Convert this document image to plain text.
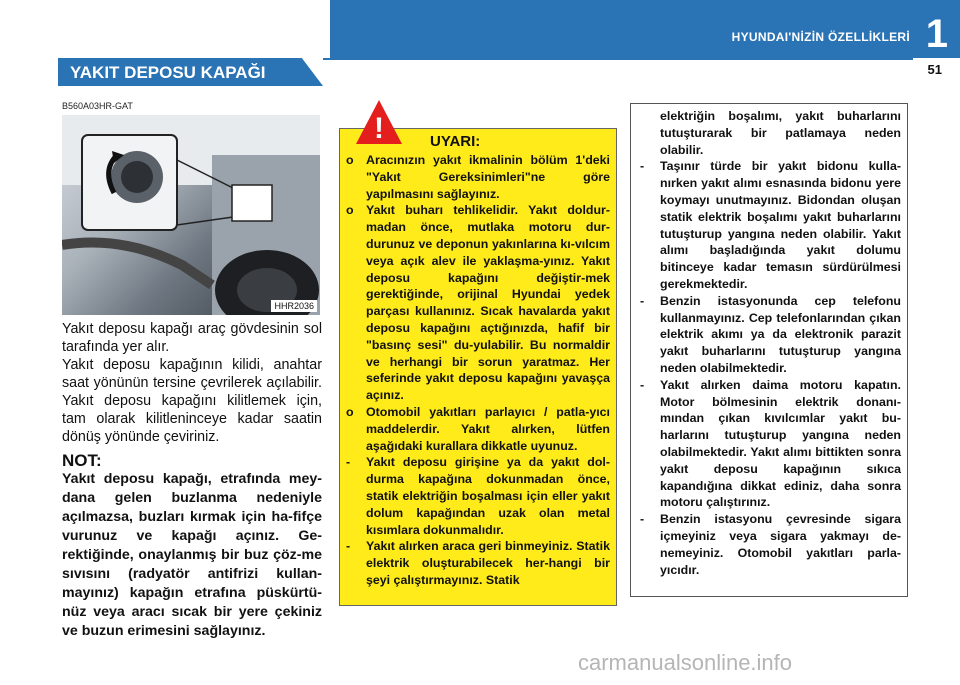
HYUNDAI'NİZİN ÖZELLİKLERİ 1
YAKIT DEPOSU KAPAĞI	51
B560A03HR-GAT
HHR2036

Yakıt deposu kapağı araç gövdesinin sol tarafında yer alır.

Yakıt deposu kapağının kilidi, anahtar saat yönünün tersine çevrilerek açılabilir. Yakıt deposu kapağını kilitlemek için, tam olarak kilitleninceye kadar saatin dönüş yönünde çeviriniz.

NOT:
Yakıt deposu kapağı, etrafında mey-dana gelen buzlanma nedeniyle açılmazsa, buzları kırmak için ha-fifçe vurunuz ve kapağı açınız. Ge-rektiğinde, onaylanmış bir buz çöz-me sıvısını (radyatör antifrizi kullan-mayınız) kapağın etrafına püskürtü-nüz veya aracı sıcak bir yere çekiniz ve buzun erimesini sağlayınız.
!	UYARI:
o Aracınızın yakıt ikmalinin bölüm 1'deki "Yakıt Gereksinimleri"ne göre yapılmasını sağlayınız.
o Yakıt buharı tehlikelidir. Yakıt doldur-madan önce, mutlaka motoru dur-durunuz ve deponun yakınlarına kı-vılcım veya açık alev ile yaklaşma-yınız. Yakıt deposu kapağını değiştir-mek gerektiğinde, orijinal Hyundai yedek parçası kullanınız. Sıcak havalarda yakıt deposu kapağını açtığınızda, hafif bir "basınç sesi" du-yulabilir. Bu normaldir ve herhangi bir sorun yaratmaz. Her seferinde yakıt deposu kapağını yavaşça açınız.
o Otomobil yakıtları parlayıcı / patla-yıcı maddelerdir. Yakıt alırken, lütfen aşağıdaki kurallara dikkatle uyunuz.
- Yakıt deposu girişine ya da yakıt dol-durma kapağına dokunmadan önce, statik elektriğin boşalması için eller yakıt dolum kapağından uzak olan metal kısımlara dokunmalıdır.
- Yakıt alırken araca geri binmeyiniz. Statik elektrik oluşturabilecek her-hangi bir şeyi çalıştırmayınız. Statik
elektriğin boşalımı, yakıt buharlarını tutuşturarak bir patlamaya neden olabilir.
- Taşınır türde bir yakıt bidonu kulla-nırken yakıt alımı esnasında bidonu yere koymayı unutmayınız. Bidondan oluşan statik elektrik boşalımı yakıt buharlarını tutuşturup yangına neden olabilir. Yakıt alımı başladığında yakıt dolumu bitinceye kadar temasın sürdürülmesi gerekmektedir.
- Benzin istasyonunda cep telefonu kullanmayınız. Cep telefonlarından çıkan elektrik akımı ya da elektronik parazit yakıt buharlarını tutuşturup yangına neden olabilmektedir.
- Yakıt alırken daima motoru kapatın. Motor bölmesinin elektrik donanı-mından çıkan kıvılcımlar yakıt bu-harlarını tutuşturup yangına neden olabilmektedir. Yakıt alımı bittikten sonra yakıt deposu kapağının sıkıca kapandığına dikkat ediniz, daha sonra motoru çalıştırınız.
- Benzin istasyonu çevresinde sigara içmeyiniz veya sigara yakmayı de-nemeyiniz. Otomobil yakıtları parla-yıcıdır.
carmanualsonline.info
